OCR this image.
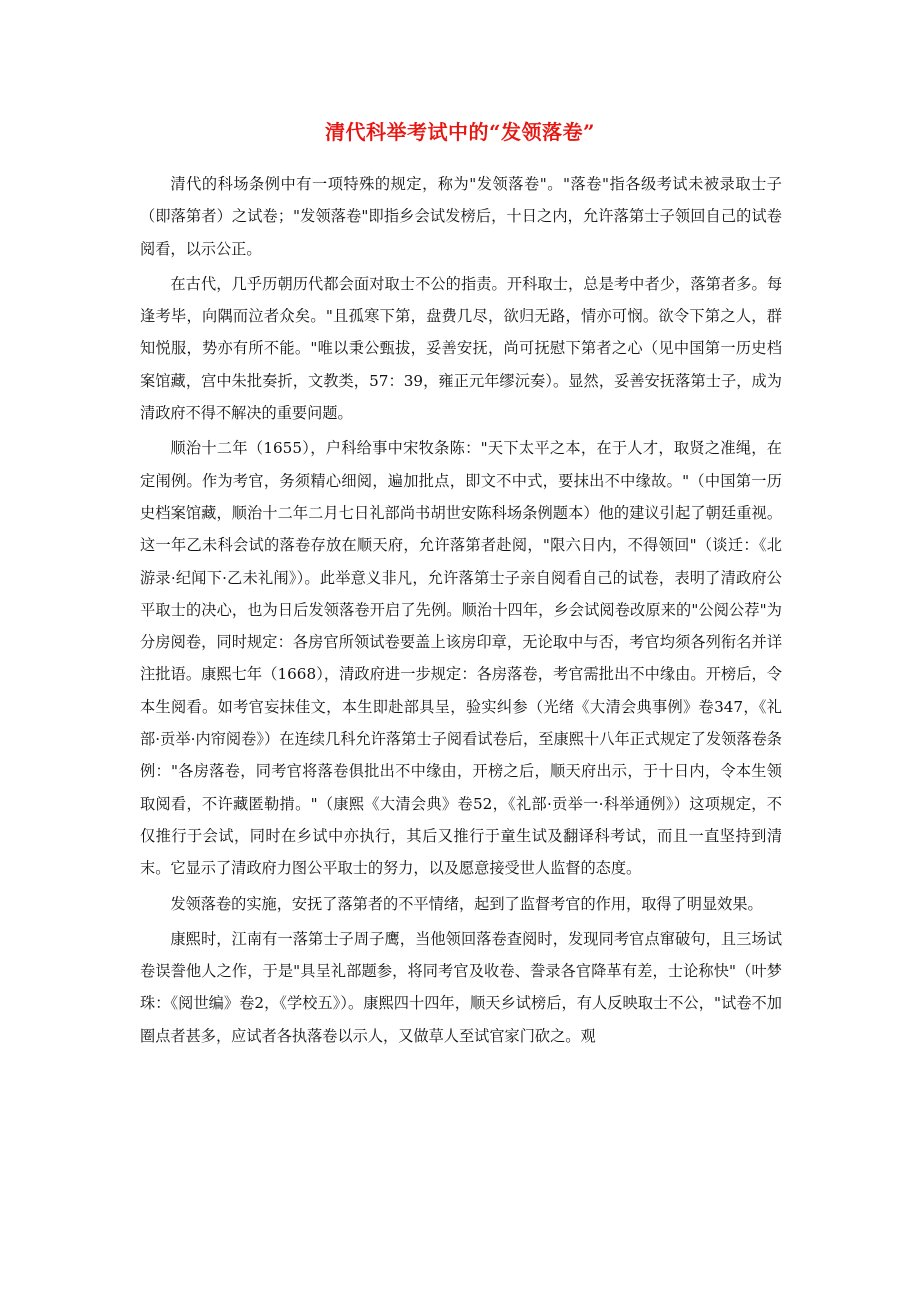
清代科举考试中的“发领落卷”

清代的科场条例中有一项特殊的规定，称为"发领落卷"。"落卷"指各级考试未被录取士子（即落第者）之试卷；"发领落卷"即指乡会试发榜后，十日之内，允许落第士子领回自己的试卷阅看，以示公正。

在古代，几乎历朝历代都会面对取士不公的指责。开科取士，总是考中者少，落第者多。每逢考毕，向隅而泣者众矣。"且孤寒下第，盘费几尽，欲归无路，情亦可悯。欲令下第之人，群知悦服，势亦有所不能。"唯以秉公甄拔，妥善安抚，尚可抚慰下第者之心（见中国第一历史档案馆藏，宫中朱批奏折，文教类，57：39，雍正元年缪沅奏）。显然，妥善安抚落第士子，成为清政府不得不解决的重要问题。

顺治十二年（1655），户科给事中宋牧条陈："天下太平之本，在于人才，取贤之准绳，在定闱例。作为考官，务须精心细阅，遍加批点，即文不中式，要抹出不中缘故。"（中国第一历史档案馆藏，顺治十二年二月七日礼部尚书胡世安陈科场条例题本）他的建议引起了朝廷重视。这一年乙未科会试的落卷存放在顺天府，允许落第者赴阅，"限六日内，不得领回"（谈迁：《北游录·纪闻下·乙未礼闱》）。此举意义非凡，允许落第士子亲自阅看自己的试卷，表明了清政府公平取士的决心，也为日后发领落卷开启了先例。顺治十四年，乡会试阅卷改原来的"公阅公荐"为分房阅卷，同时规定：各房官所领试卷要盖上该房印章，无论取中与否，考官均须各列衔名并详注批语。康熙七年（1668），清政府进一步规定：各房落卷，考官需批出不中缘由。开榜后，令本生阅看。如考官妄抹佳文，本生即赴部具呈，验实纠参（光绪《大清会典事例》卷347，《礼部·贡举·内帘阅卷》）在连续几科允许落第士子阅看试卷后，至康熙十八年正式规定了发领落卷条例："各房落卷，同考官将落卷俱批出不中缘由，开榜之后，顺天府出示，于十日内，令本生领取阅看，不许藏匿勒掯。"（康熙《大清会典》卷52，《礼部·贡举一·科举通例》）这项规定，不仅推行于会试，同时在乡试中亦执行，其后又推行于童生试及翻译科考试，而且一直坚持到清末。它显示了清政府力图公平取士的努力，以及愿意接受世人监督的态度。

发领落卷的实施，安抚了落第者的不平情绪，起到了监督考官的作用，取得了明显效果。

康熙时，江南有一落第士子周子鹰，当他领回落卷查阅时，发现同考官点窜破句，且三场试卷误誊他人之作，于是"具呈礼部题参，将同考官及收卷、誊录各官降革有差，士论称快"（叶梦珠：《阅世编》卷2，《学校五》）。康熙四十四年，顺天乡试榜后，有人反映取士不公，"试卷不加圈点者甚多，应试者各执落卷以示人，又做草人至试官家门砍之。观
